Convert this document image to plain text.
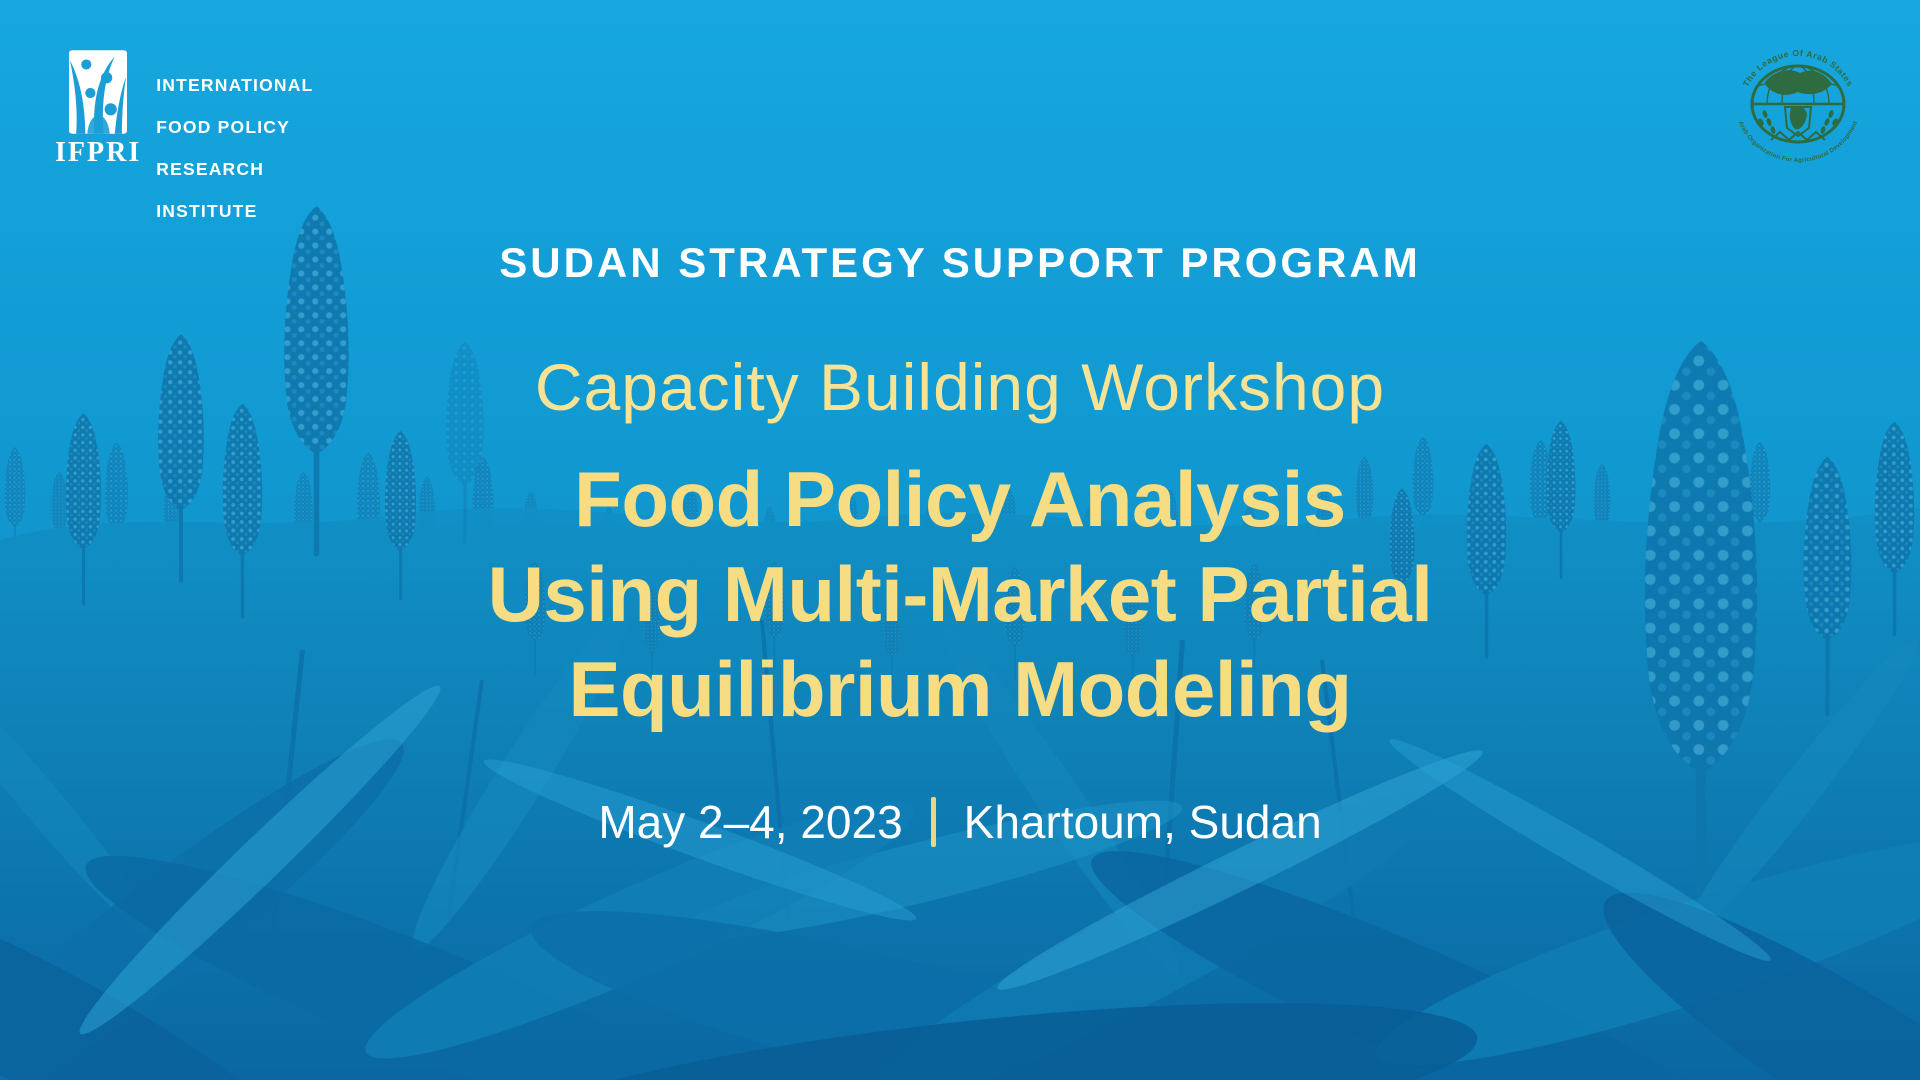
IFPRI

INTERNATIONAL

FOOD POLICY

RESEARCH

INSTITUTE

The League Of Arab States
Arab Organization For Agricultural Development
SUDAN STRATEGY SUPPORT PROGRAM
Capacity Building Workshop
Food Policy Analysis
Using Multi-Market Partial
Equilibrium Modeling
May 2–4, 2023 Khartoum, Sudan
